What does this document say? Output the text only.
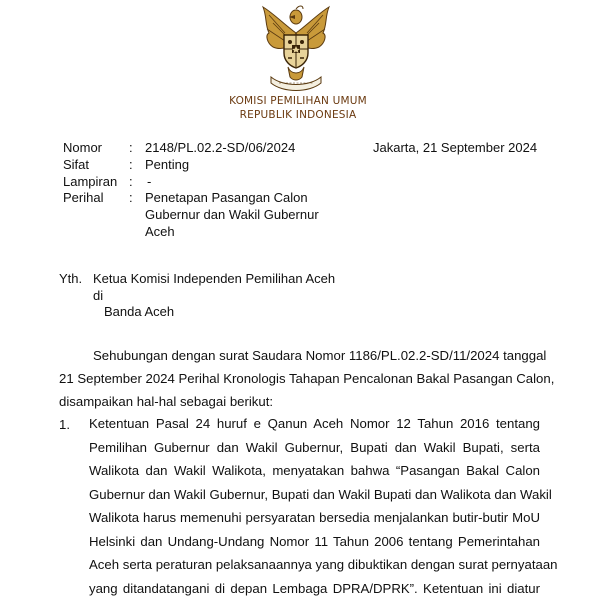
KOMISI PEMILIHAN UMUM
REPUBLIK INDONESIA
Nomor : 2148/PL.02.2-SD/06/2024	Jakarta, 21 September 2024
Sifat	: Penting
Lampiran : -
Perihal : Penetapan Pasangan Calon
Gubernur dan Wakil Gubernur
Aceh
Yth. Ketua Komisi Independen Pemilihan Aceh
di
Banda Aceh
Sehubungan dengan surat Saudara Nomor 1186/PL.02.2-SD/11/2024 tanggal
21 September 2024 Perihal Kronologis Tahapan Pencalonan Bakal Pasangan Calon,
disampaikan hal-hal sebagai berikut:
1. Ketentuan Pasal 24 huruf e Qanun Aceh Nomor 12 Tahun 2016 tentang
Pemilihan Gubernur dan Wakil Gubernur, Bupati dan Wakil Bupati, serta
Walikota dan Wakil Walikota, menyatakan bahwa “Pasangan Bakal Calon
Gubernur dan Wakil Gubernur, Bupati dan Wakil Bupati dan Walikota dan Wakil
Walikota harus memenuhi persyaratan bersedia menjalankan butir-butir MoU
Helsinki dan Undang-Undang Nomor 11 Tahun 2006 tentang Pemerintahan
Aceh serta peraturan pelaksanaannya yang dibuktikan dengan surat pernyataan
yang ditandatangani di depan Lembaga DPRA/DPRK”. Ketentuan ini diatur
